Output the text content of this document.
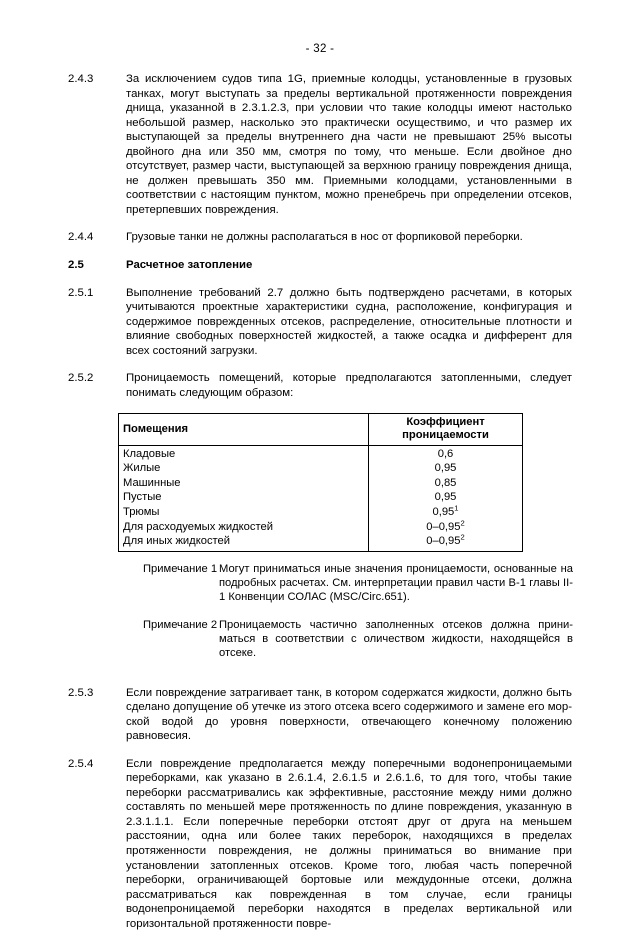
- 32 -
2.4.3	За исключением судов типа 1G, приемные колодцы, установленные в грузовых танках, могут выступать за пределы вертикальной протяженности повреждения днища, указанной в 2.3.1.2.3, при условии что такие колодцы имеют настолько небольшой размер, насколько это практически осуществимо, и что размер их выступающей за пределы внутреннего дна части не превышают 25% высоты двойного дна или 350 мм, смотря по тому, что меньше. Если двойное дно отсутствует, размер части, выступающей за верхнюю границу повреждения днища, не должен превышать 350 мм. Приемными колодцами, установленными в соответствии с настоящим пунктом, можно пренебречь при определении отсеков, претерпевших повреждения.
2.4.4	Грузовые танки не должны располагаться в нос от форпиковой переборки.
2.5	Расчетное затопление
2.5.1	Выполнение требований 2.7 должно быть подтверждено расчетами, в которых учитываются проектные характеристики судна, расположение, конфигурация и содержимое поврежденных отсеков, распределение, относительные плотности и влияние свободных поверхностей жидкостей, а также осадка и дифферент для всех состояний загрузки.
2.5.2	Проницаемость помещений, которые предполагаются затопленными, следует понимать следующим образом:
Помещения	Коэффициент проницаемости
Кладовые	0,6
Жилые	0,95
Машинные	0,85
Пустые	0,95
Трюмы	0,95$^1$
Для расходуемых жидкостей	0–0,95$^2$
Для иных жидкостей	0–0,95$^2$
Примечание 1 Могут приниматься иные значения проницаемости, основанные на подробных расчетах. См. интерпретации правил части В-1 главы II-1 Конвенции СОЛАС (MSC/Circ.651).
Примечание 2 Проницаемость частично заполненных отсеков должна приниматься в соответствии с оличеством жидкости, находящейся в отсеке.
2.5.3	Если повреждение затрагивает танк, в котором содержатся жидкости, должно быть сделано допущение об утечке из этого отсека всего содержимого и замене его морской водой до уровня поверхности, отвечающего конечному положению равновесия.
2.5.4	Если повреждение предполагается между поперечными водонепроницаемыми переборками, как указано в 2.6.1.4, 2.6.1.5 и 2.6.1.6, то для того, чтобы такие переборки рассматривались как эффективные, расстояние между ними должно составлять по меньшей мере протяженность по длине повреждения, указанную в 2.3.1.1.1. Если поперечные переборки отстоят друг от друга на меньшем расстоянии, одна или более таких переборок, находящихся в пределах протяженности повреждения, не должны приниматься во внимание при установлении затопленных отсеков. Кроме того, любая часть поперечной переборки, ограничивающей бортовые или междудонные отсеки, должна рассматриваться как поврежденная в том случае, если границы водонепроницаемой переборки находятся в пределах вертикальной или горизонтальной протяженности повре-
